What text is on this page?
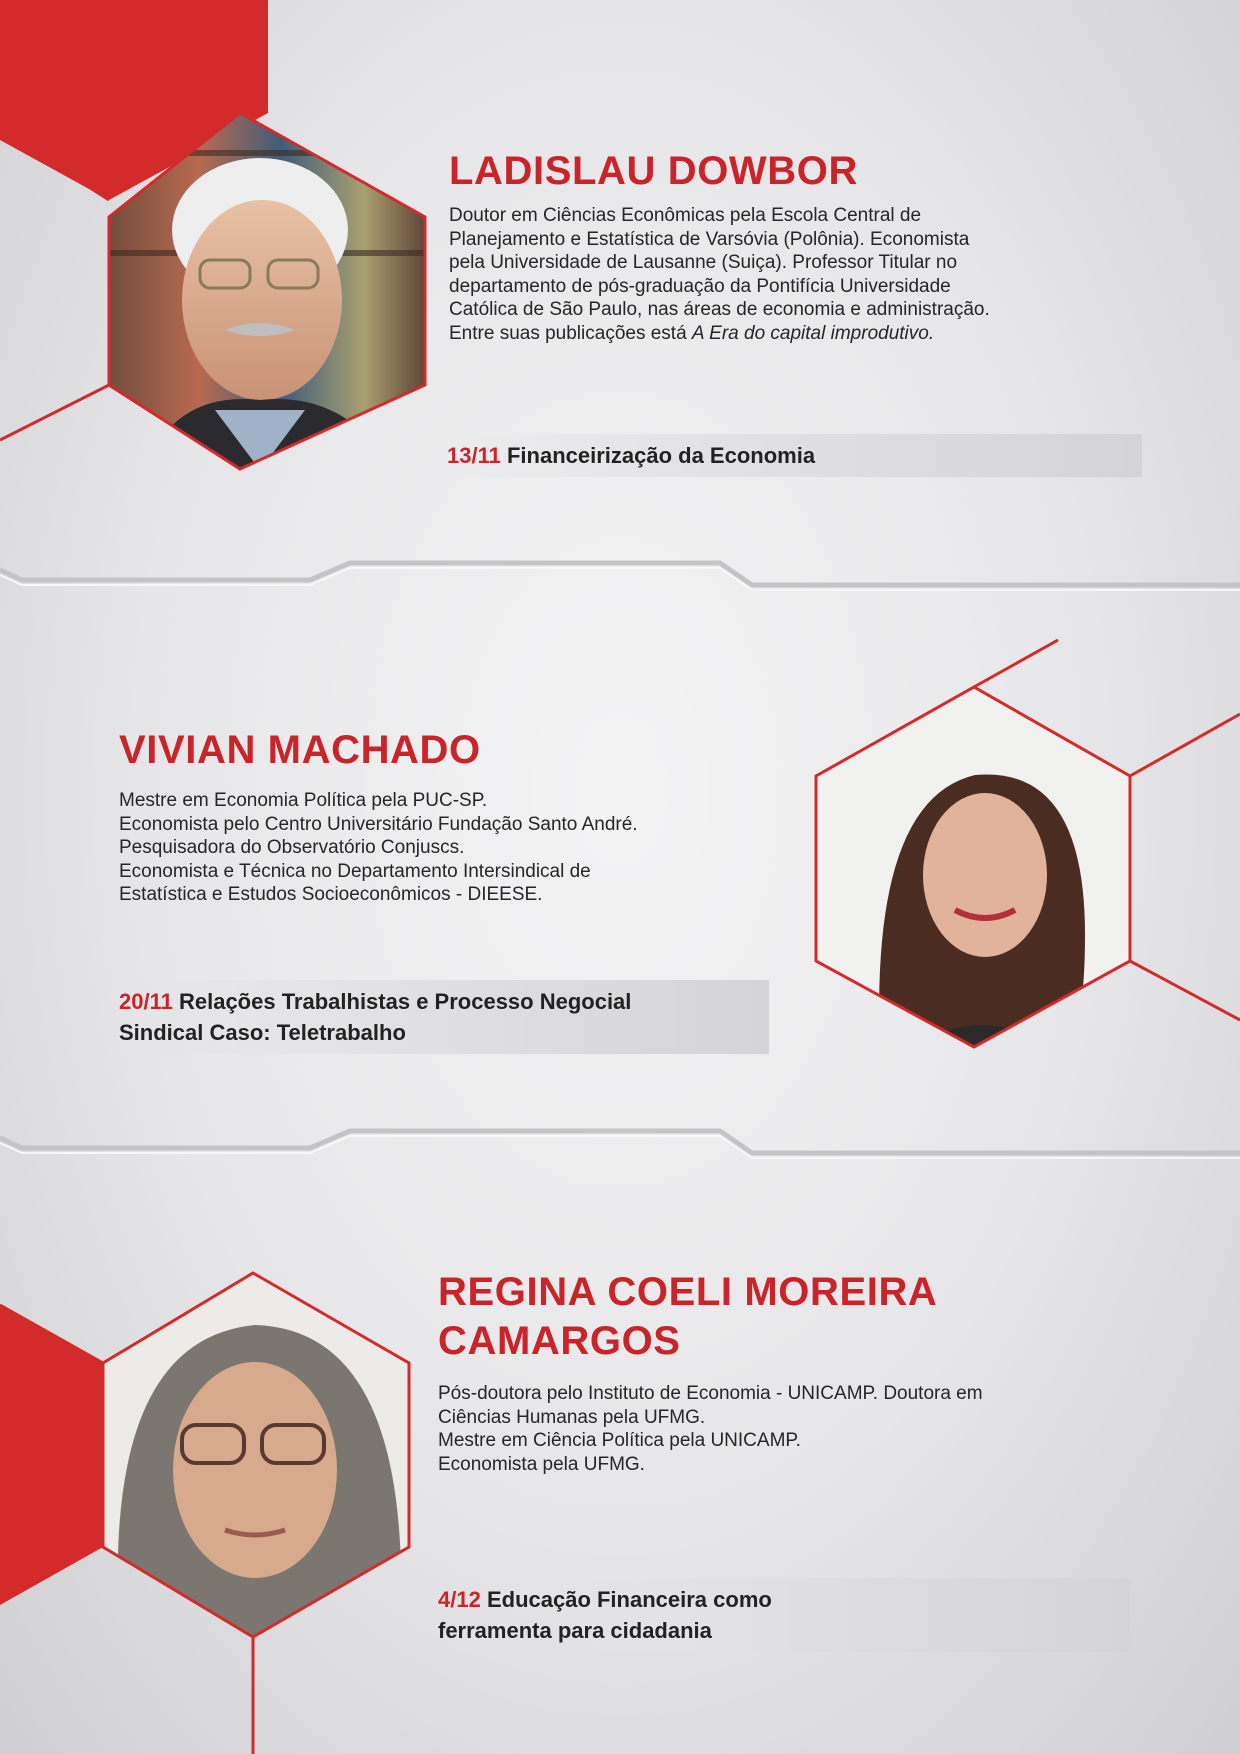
LADISLAU DOWBOR
Doutor em Ciências Econômicas pela Escola Central de
Planejamento e Estatística de Varsóvia (Polônia). Economista
pela Universidade de Lausanne (Suiça). Professor Titular no
departamento de pós-graduação da Pontifícia Universidade
Católica de São Paulo, nas áreas de economia e administração.
Entre suas publicações está A Era do capital improdutivo.
13/11 Financeirização da Economia
VIVIAN MACHADO
Mestre em Economia Política pela PUC-SP.
Economista pelo Centro Universitário Fundação Santo André.
Pesquisadora do Observatório Conjuscs.
Economista e Técnica no Departamento Intersindical de
Estatística e Estudos Socioeconômicos - DIEESE.
20/11 Relações Trabalhistas e Processo Negocial
Sindical Caso: Teletrabalho
REGINA COELI MOREIRA
CAMARGOS
Pós-doutora pelo Instituto de Economia - UNICAMP. Doutora em
Ciências Humanas pela UFMG.
Mestre em Ciência Política pela UNICAMP.
Economista pela UFMG.
4/12 Educação Financeira como
ferramenta para cidadania
